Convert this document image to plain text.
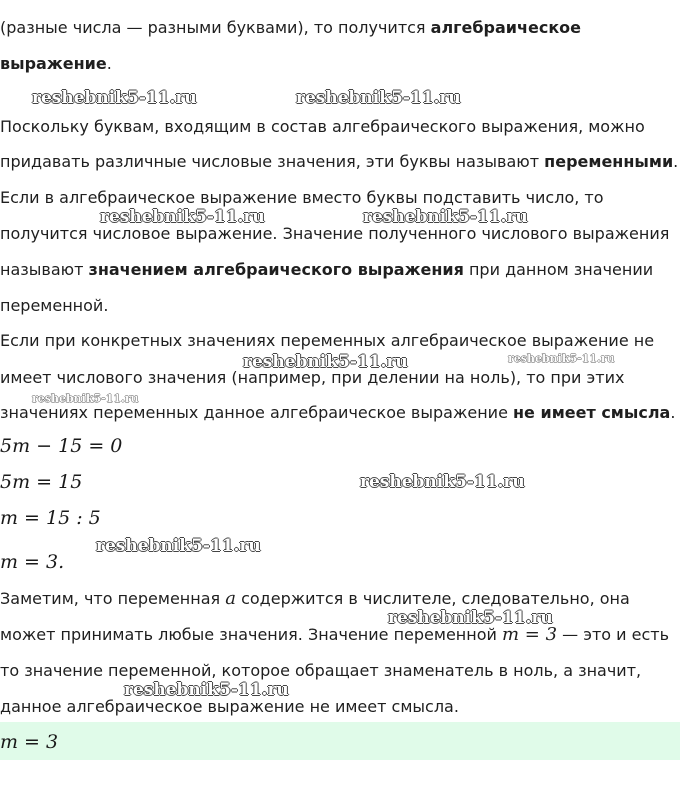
(разные числа — разными буквами), то получится алгебраическое
выражение.
Поскольку буквам, входящим в состав алгебраического выражения, можно
придавать различные числовые значения, эти буквы называют переменными.
Если в алгебраическое выражение вместо буквы подставить число, то
получится числовое выражение. Значение полученного числового выражения
называют значением алгебраического выражения при данном значении
переменной.
Если при конкретных значениях переменных алгебраическое выражение не
имеет числового значения (например, при делении на ноль), то при этих
значениях переменных данное алгебраическое выражение не имеет смысла.
5m − 15 = 0
5m = 15
m = 15 : 5
m = 3.
Заметим, что переменная a содержится в числителе, следовательно, она
может принимать любые значения. Значение переменной m = 3 — это и есть
то значение переменной, которое обращает знаменатель в ноль, а значит,
данное алгебраическое выражение не имеет смысла.
m = 3
reshebnik5-11.ru	reshebnik5-11.ru
reshebnik5-11.ru	reshebnik5-11.ru
reshebnik5-11.ru	reshebnik5-11.ru
reshebnik5-11.ru
reshebnik5-11.ru
reshebnik5-11.ru
reshebnik5-11.ru
reshebnik5-11.ru
